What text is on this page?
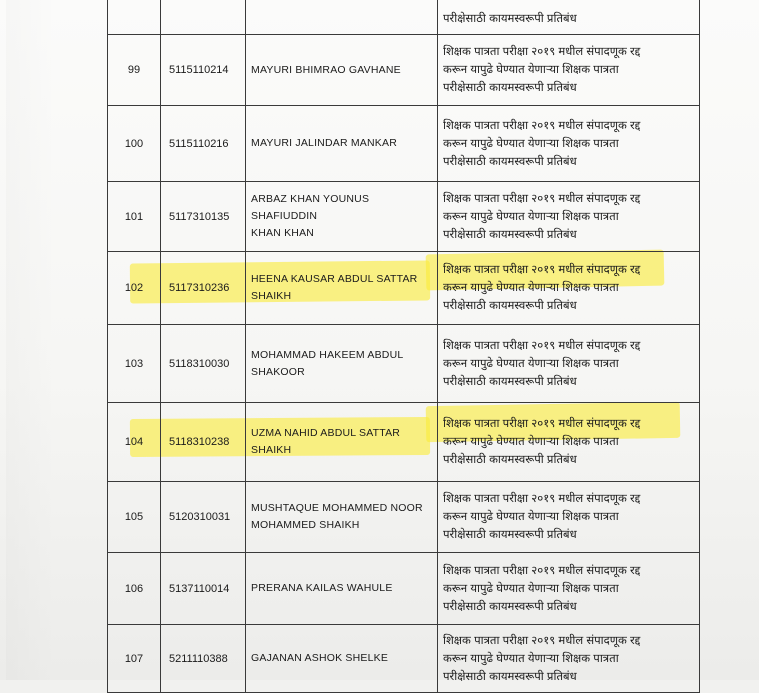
			परीक्षेसाठी कायमस्वरूपी प्रतिबंध

99	5115110214	MAYURI BHIMRAO GAVHANE	शिक्षक पात्रता परीक्षा २०१९ मधील संपादणूक रद्द
करून यापुढे घेण्यात येणाऱ्या शिक्षक पात्रता
परीक्षेसाठी कायमस्वरूपी प्रतिबंध

100	5115110216	MAYURI JALINDAR MANKAR	शिक्षक पात्रता परीक्षा २०१९ मधील संपादणूक रद्द
करून यापुढे घेण्यात येणाऱ्या शिक्षक पात्रता
परीक्षेसाठी कायमस्वरूपी प्रतिबंध

101	5117310135	ARBAZ KHAN YOUNUS SHAFIUDDIN
KHAN KHAN	शिक्षक पात्रता परीक्षा २०१९ मधील संपादणूक रद्द
करून यापुढे घेण्यात येणाऱ्या शिक्षक पात्रता
परीक्षेसाठी कायमस्वरूपी प्रतिबंध

102	5117310236	HEENA KAUSAR ABDUL SATTAR SHAIKH	शिक्षक पात्रता परीक्षा २०१९ मधील संपादणूक रद्द
करून यापुढे घेण्यात येणाऱ्या शिक्षक पात्रता
परीक्षेसाठी कायमस्वरूपी प्रतिबंध

103	5118310030	MOHAMMAD HAKEEM ABDUL
SHAKOOR	शिक्षक पात्रता परीक्षा २०१९ मधील संपादणूक रद्द
करून यापुढे घेण्यात येणाऱ्या शिक्षक पात्रता
परीक्षेसाठी कायमस्वरूपी प्रतिबंध

104	5118310238	UZMA NAHID ABDUL SATTAR SHAIKH	शिक्षक पात्रता परीक्षा २०१९ मधील संपादणूक रद्द
करून यापुढे घेण्यात येणाऱ्या शिक्षक पात्रता
परीक्षेसाठी कायमस्वरूपी प्रतिबंध

105	5120310031	MUSHTAQUE MOHAMMED NOOR
MOHAMMED SHAIKH	शिक्षक पात्रता परीक्षा २०१९ मधील संपादणूक रद्द
करून यापुढे घेण्यात येणाऱ्या शिक्षक पात्रता
परीक्षेसाठी कायमस्वरूपी प्रतिबंध

106	5137110014	PRERANA KAILAS WAHULE	शिक्षक पात्रता परीक्षा २०१९ मधील संपादणूक रद्द
करून यापुढे घेण्यात येणाऱ्या शिक्षक पात्रता
परीक्षेसाठी कायमस्वरूपी प्रतिबंध

107	5211110388	GAJANAN ASHOK SHELKE	शिक्षक पात्रता परीक्षा २०१९ मधील संपादणूक रद्द
करून यापुढे घेण्यात येणाऱ्या शिक्षक पात्रता
परीक्षेसाठी कायमस्वरूपी प्रतिबंध
